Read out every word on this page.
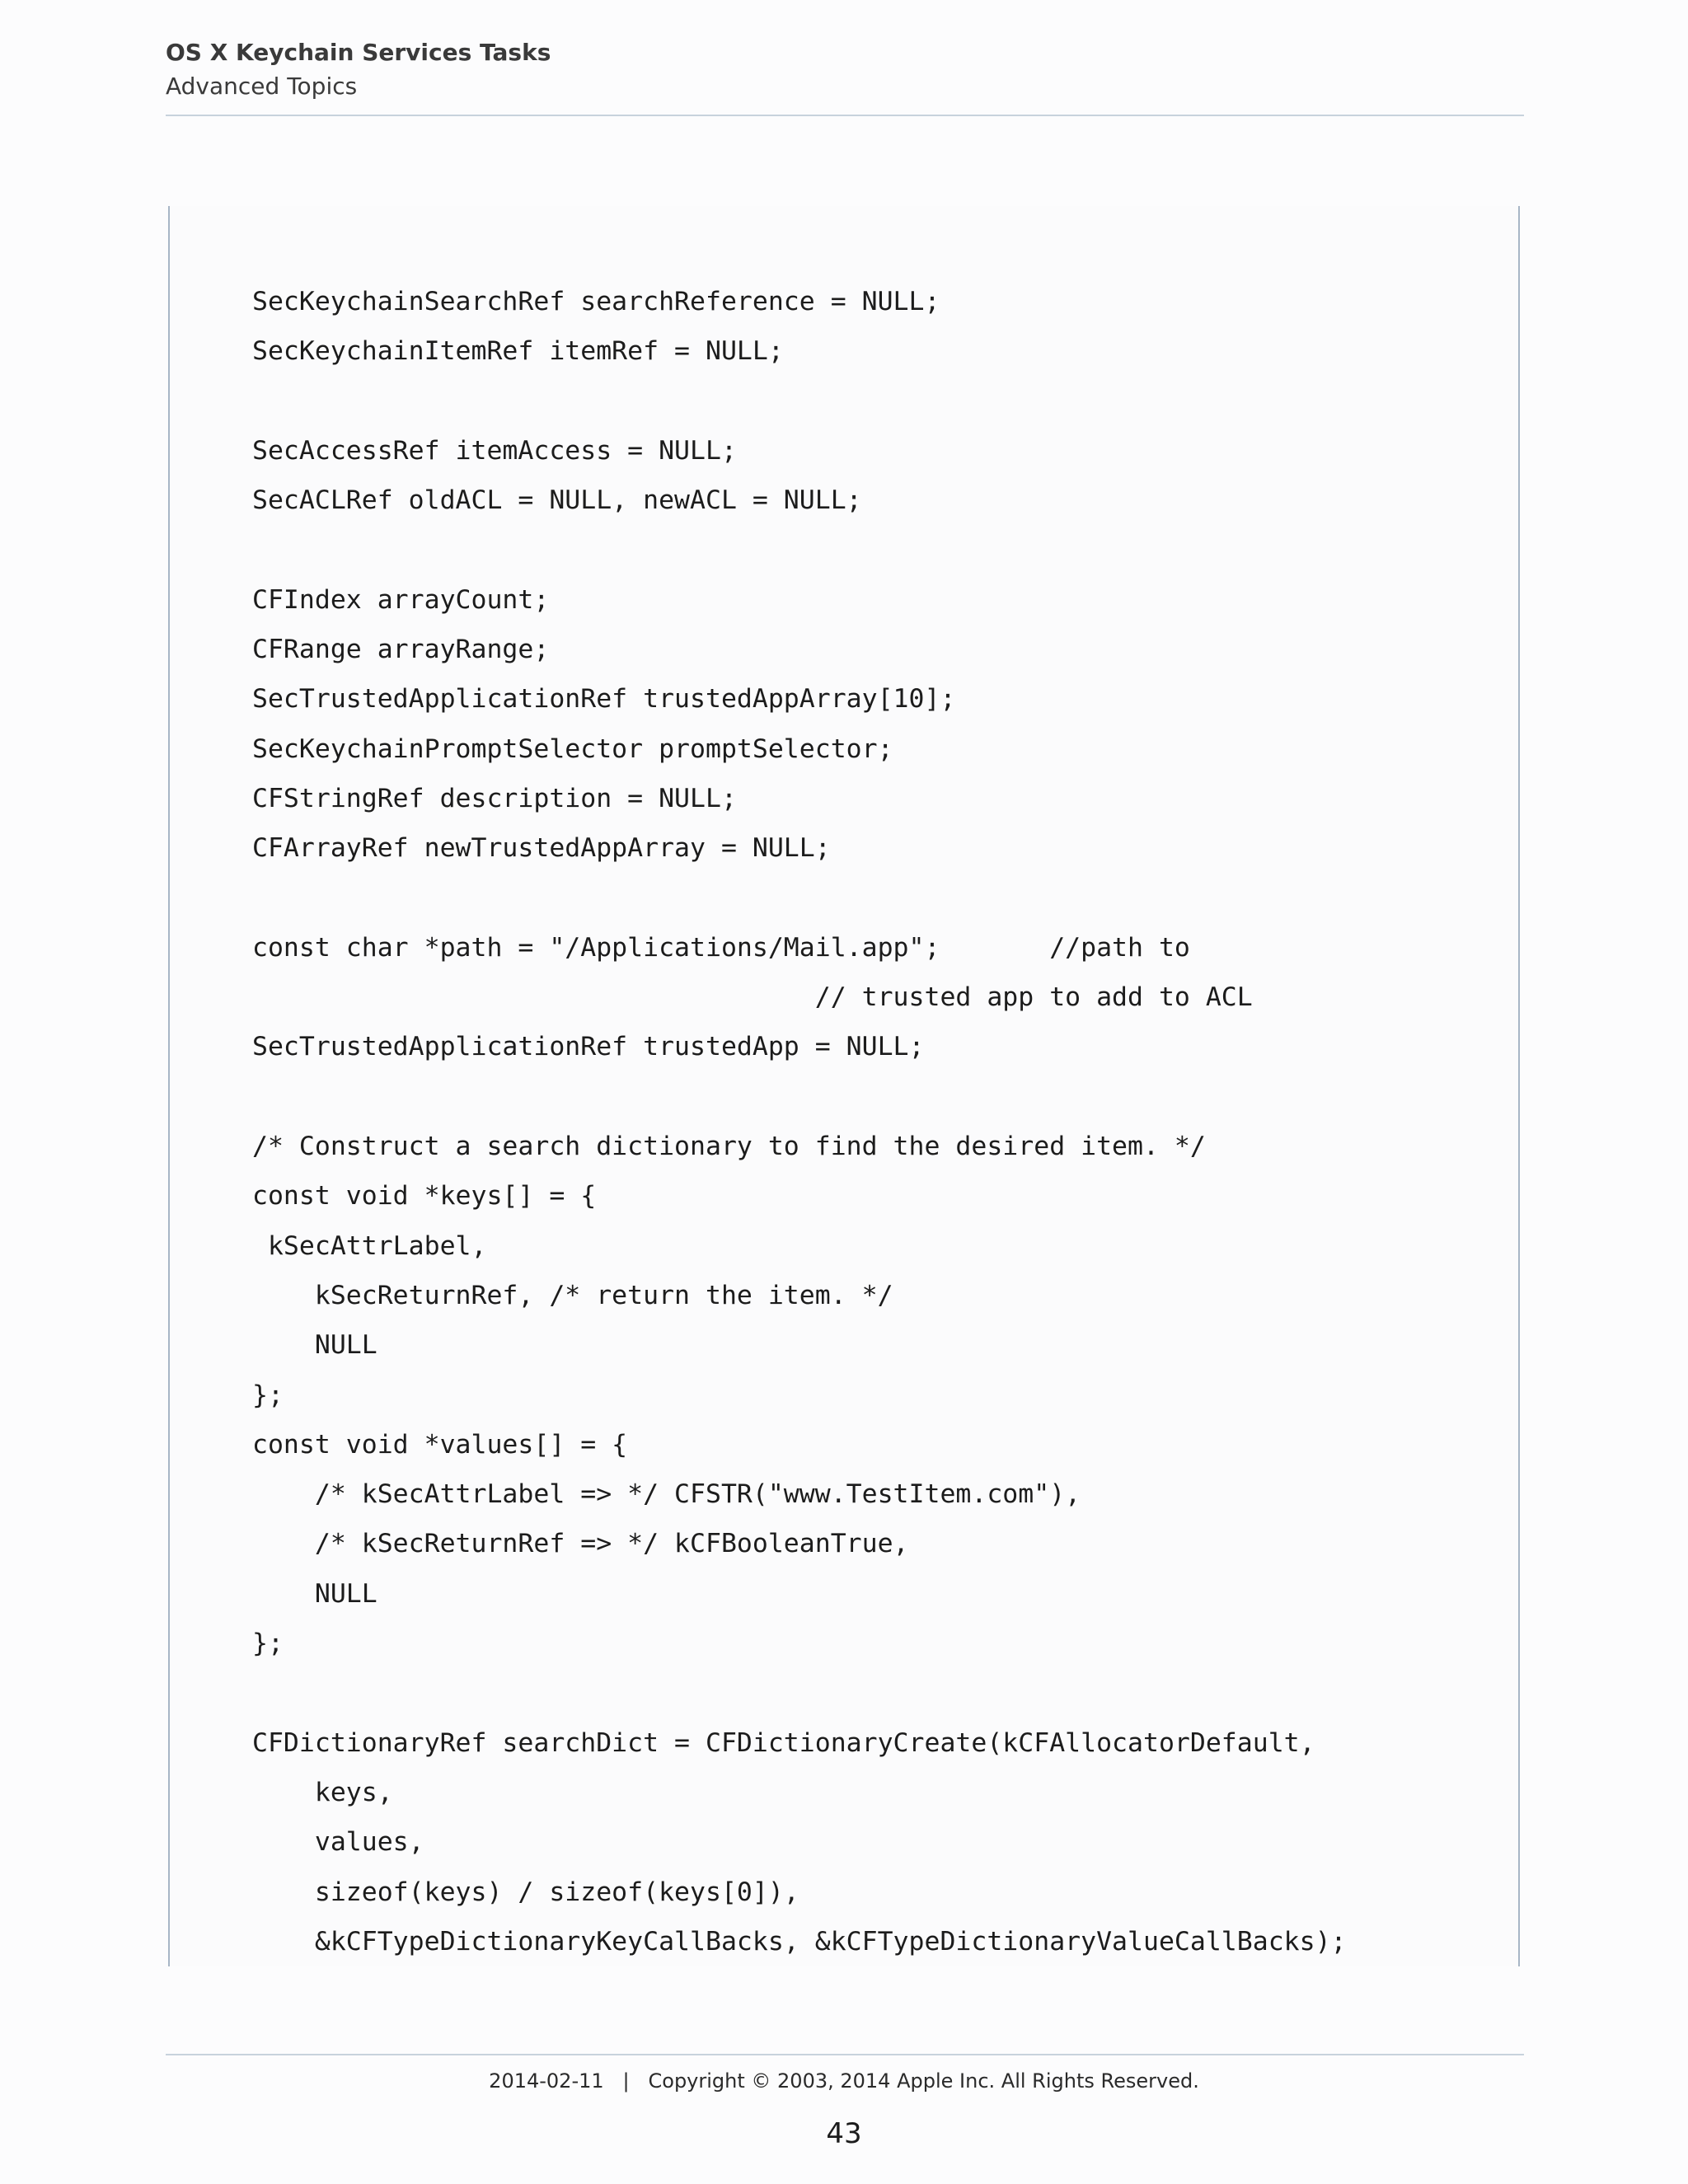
OS X Keychain Services Tasks
Advanced Topics
SecKeychainSearchRef searchReference = NULL;
SecKeychainItemRef itemRef = NULL;
SecAccessRef itemAccess = NULL;
SecACLRef oldACL = NULL, newACL = NULL;
CFIndex arrayCount;
CFRange arrayRange;
SecTrustedApplicationRef trustedAppArray[10];
SecKeychainPromptSelector promptSelector;
CFStringRef description = NULL;
CFArrayRef newTrustedAppArray = NULL;
const char *path = "/Applications/Mail.app";       //path to
// trusted app to add to ACL
SecTrustedApplicationRef trustedApp = NULL;
/* Construct a search dictionary to find the desired item. */
const void *keys[] = {
kSecAttrLabel,
kSecReturnRef, /* return the item. */
NULL
};
const void *values[] = {
/* kSecAttrLabel => */ CFSTR("www.TestItem.com"),
/* kSecReturnRef => */ kCFBooleanTrue,
NULL
};
CFDictionaryRef searchDict = CFDictionaryCreate(kCFAllocatorDefault,
keys,
values,
sizeof(keys) / sizeof(keys[0]),
&kCFTypeDictionaryKeyCallBacks, &kCFTypeDictionaryValueCallBacks);
2014-02-11   |   Copyright © 2003, 2014 Apple Inc. All Rights Reserved.
43
